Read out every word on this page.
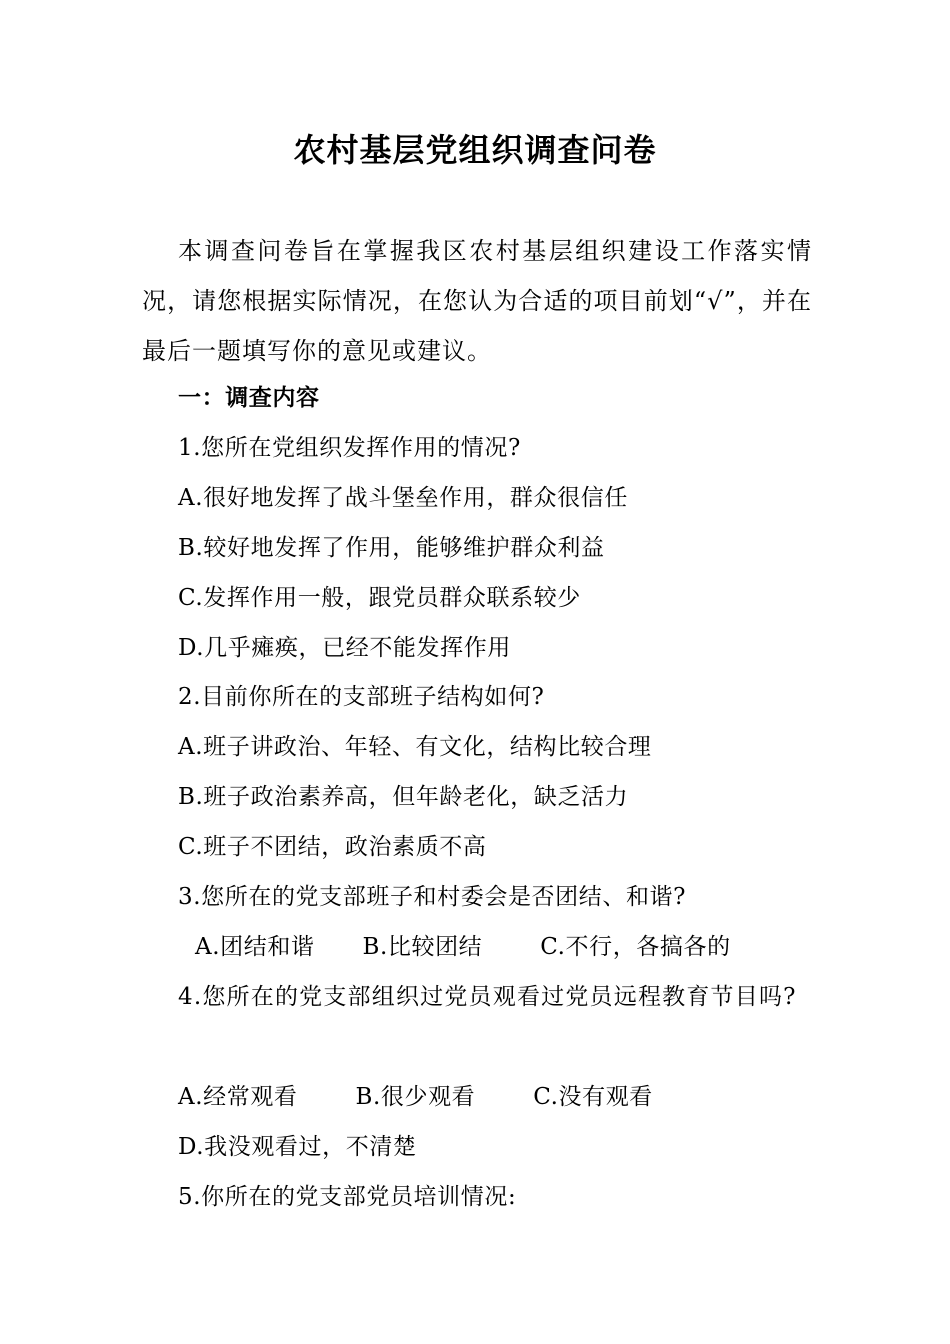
农村基层党组织调查问卷
本调查问卷旨在掌握我区农村基层组织建设工作落实情况，请您根据实际情况，在您认为合适的项目前划“√”，并在最后一题填写你的意见或建议。
一：调查内容
1.您所在党组织发挥作用的情况?
A.很好地发挥了战斗堡垒作用，群众很信任
B.较好地发挥了作用，能够维护群众利益
C.发挥作用一般，跟党员群众联系较少
D.几乎瘫痪，已经不能发挥作用
2.目前你所在的支部班子结构如何?
A.班子讲政治、年轻、有文化，结构比较合理
B.班子政治素养高，但年龄老化，缺乏活力
C.班子不团结，政治素质不高
3.您所在的党支部班子和村委会是否团结、和谐?
A.团结和谐 B.比较团结	C.不行，各搞各的
4.您所在的党支部组织过党员观看过党员远程教育节目吗?
A.经常观看	B.很少观看	C.没有观看
D.我没观看过，不清楚
5.你所在的党支部党员培训情况:
